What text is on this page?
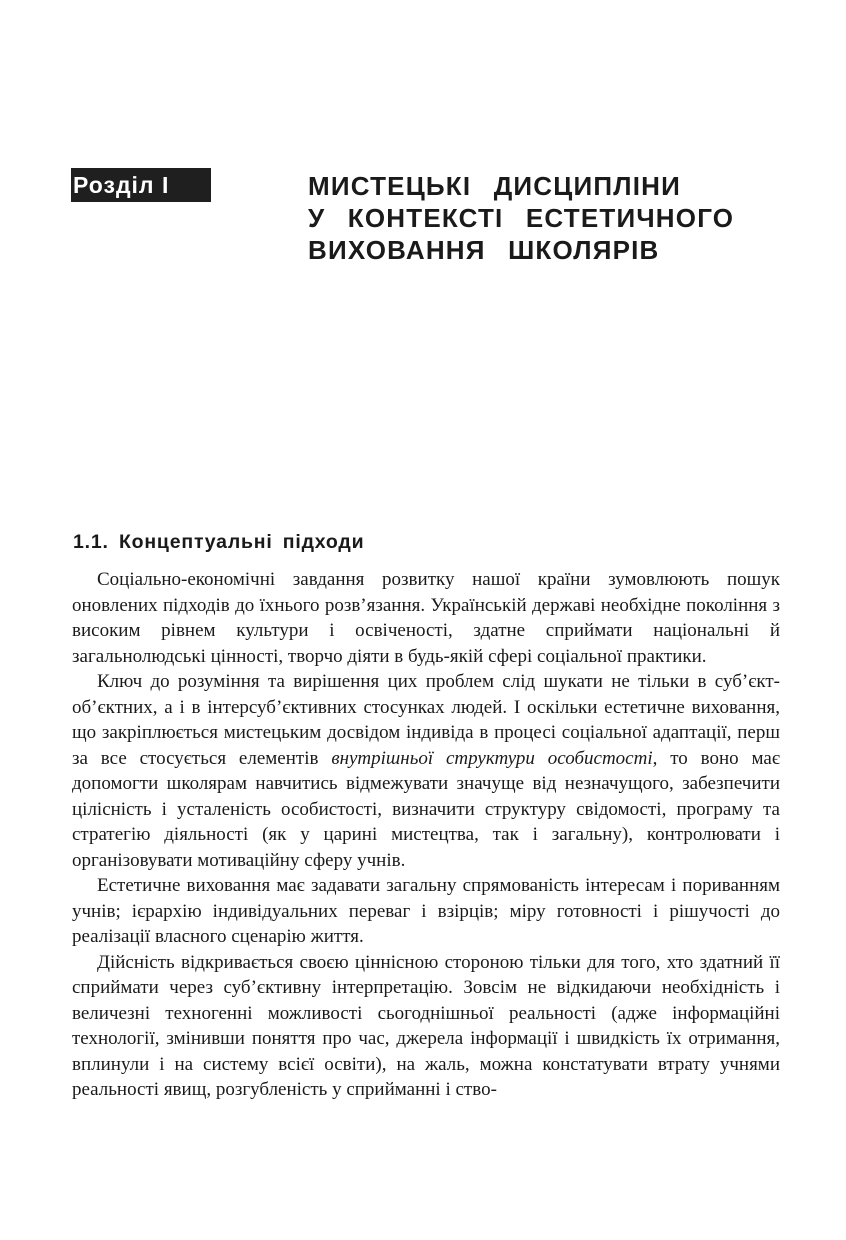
Розділ I	МИСТЕЦЬКІ ДИСЦИПЛІНИ
У КОНТЕКСТІ ЕСТЕТИЧНОГО
ВИХОВАННЯ ШКОЛЯРІВ
1.1. Концептуальні підходи

Соціально-економічні завдання розвитку нашої країни зумовлюють пошук оновлених підходів до їхнього розв’язання. Українській державі необхідне покоління з високим рівнем культури і освіченості, здатне сприймати національні й загальнолюдські цінності, творчо діяти в будь-якій сфері соціальної практики.

Ключ до розуміння та вирішення цих проблем слід шукати не тільки в суб’єкт-об’єктних, а і в інтерсуб’єктивних стосунках людей. І оскільки естетичне виховання, що закріплюється мистецьким досвідом індивіда в процесі соціальної адаптації, перш за все стосується елементів внутрішньої структури особистості, то воно має допомогти школярам навчитись відмежувати значуще від незначущого, забезпечити цілісність і усталеність особистості, визначити структуру свідомості, програму та стратегію діяльності (як у царині мистецтва, так і загальну), контролювати і організовувати мотиваційну сферу учнів.

Естетичне виховання має задавати загальну спрямованість інтересам і пориванням учнів; ієрархію індивідуальних переваг і взірців; міру готовності і рішучості до реалізації власного сценарію життя.

Дійсність відкривається своєю ціннісною стороною тільки для того, хто здатний її сприймати через суб’єктивну інтерпретацію. Зовсім не відкидаючи необхідність і величезні техногенні можливості сьогоднішньої реальності (адже інформаційні технології, змінивши поняття про час, джерела інформації і швидкість їх отримання, вплинули і на систему всієї освіти), на жаль, можна констатувати втрату учнями реальності явищ, розгубленість у сприйманні і ство-
